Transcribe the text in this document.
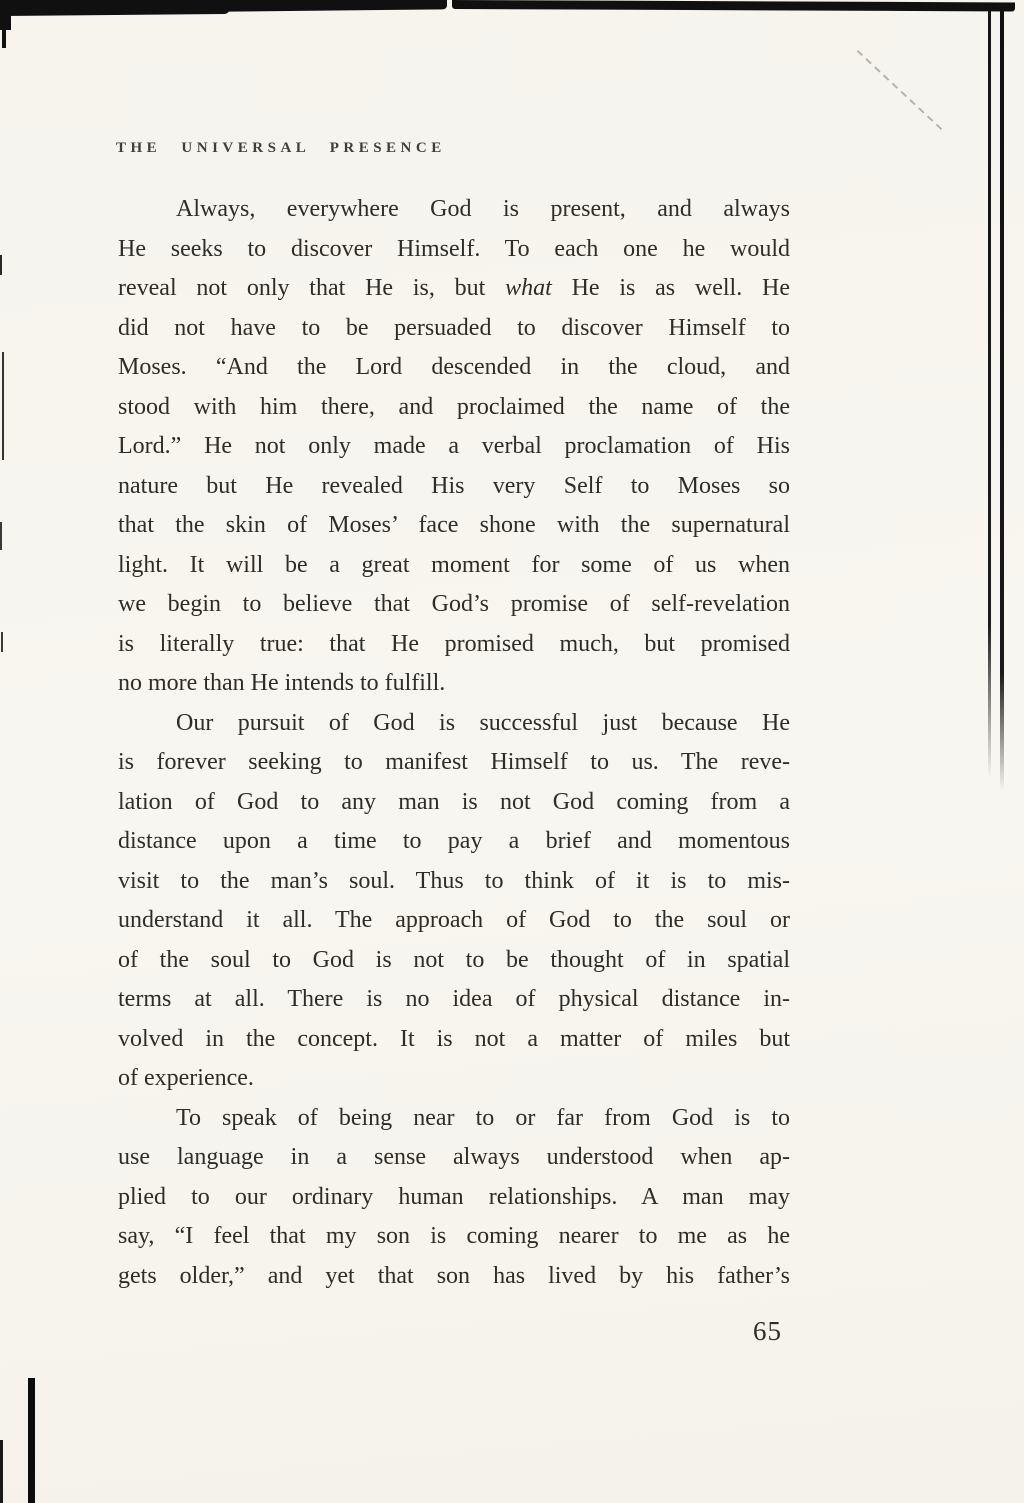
THE UNIVERSAL PRESENCE
Always, everywhere God is present, and always
He seeks to discover Himself. To each one he would
reveal not only that He is, but what He is as well. He
did not have to be persuaded to discover Himself to
Moses. “And the Lord descended in the cloud, and
stood with him there, and proclaimed the name of the
Lord.” He not only made a verbal proclamation of His
nature but He revealed His very Self to Moses so
that the skin of Moses’ face shone with the supernatural
light. It will be a great moment for some of us when
we begin to believe that God’s promise of self-revelation
is literally true: that He promised much, but promised
no more than He intends to fulfill.
Our pursuit of God is successful just because He
is forever seeking to manifest Himself to us. The reve-
lation of God to any man is not God coming from a
distance upon a time to pay a brief and momentous
visit to the man’s soul. Thus to think of it is to mis-
understand it all. The approach of God to the soul or
of the soul to God is not to be thought of in spatial
terms at all. There is no idea of physical distance in-
volved in the concept. It is not a matter of miles but
of experience.
To speak of being near to or far from God is to
use language in a sense always understood when ap-
plied to our ordinary human relationships. A man may
say, “I feel that my son is coming nearer to me as he
gets older,” and yet that son has lived by his father’s
65
